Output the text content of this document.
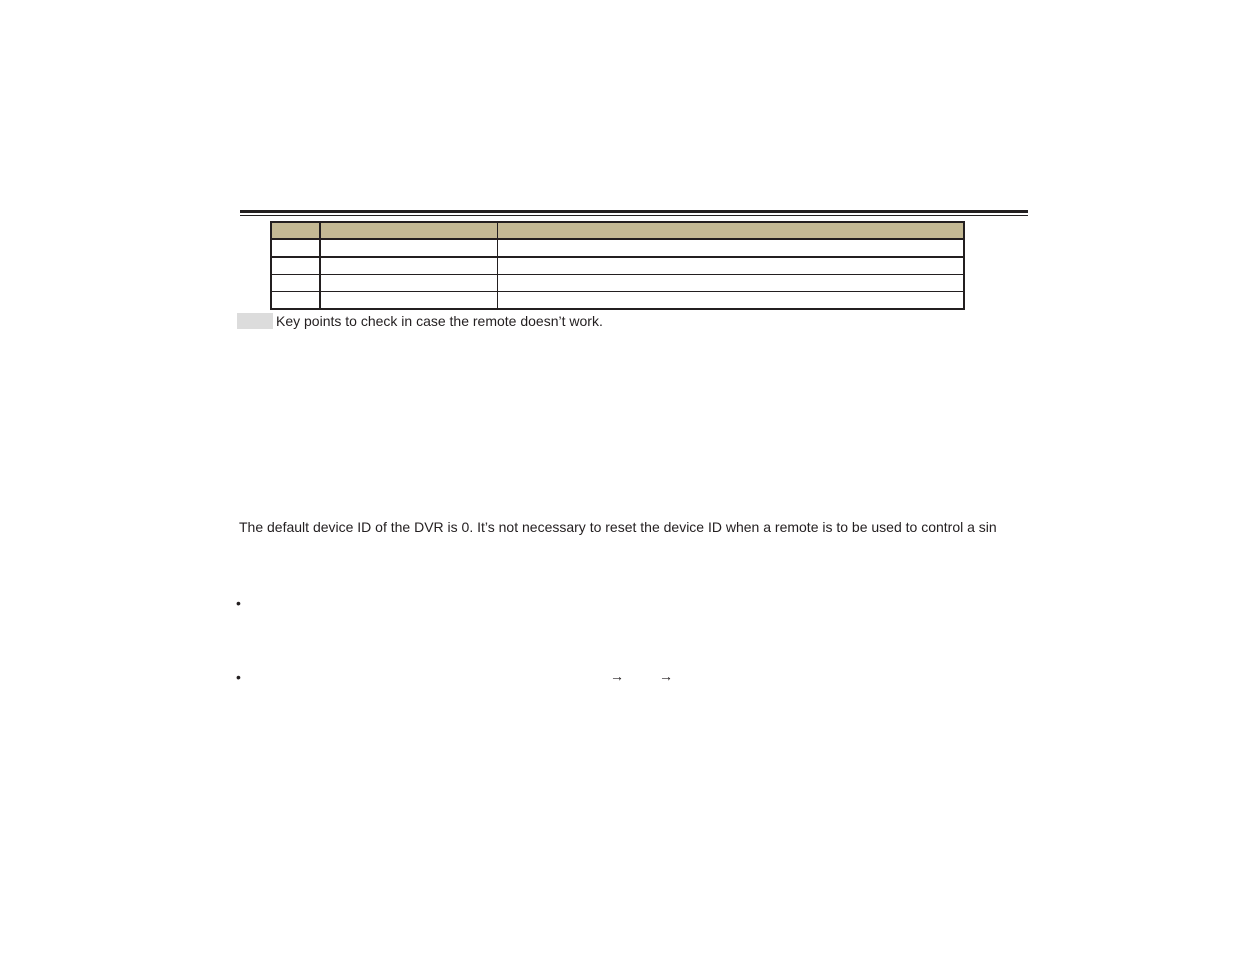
Key points to check in case the remote doesn’t work.
The default device ID of the DVR is 0. It’s not necessary to reset the device ID when a remote is to be used to control a sin
•
•	→	→
